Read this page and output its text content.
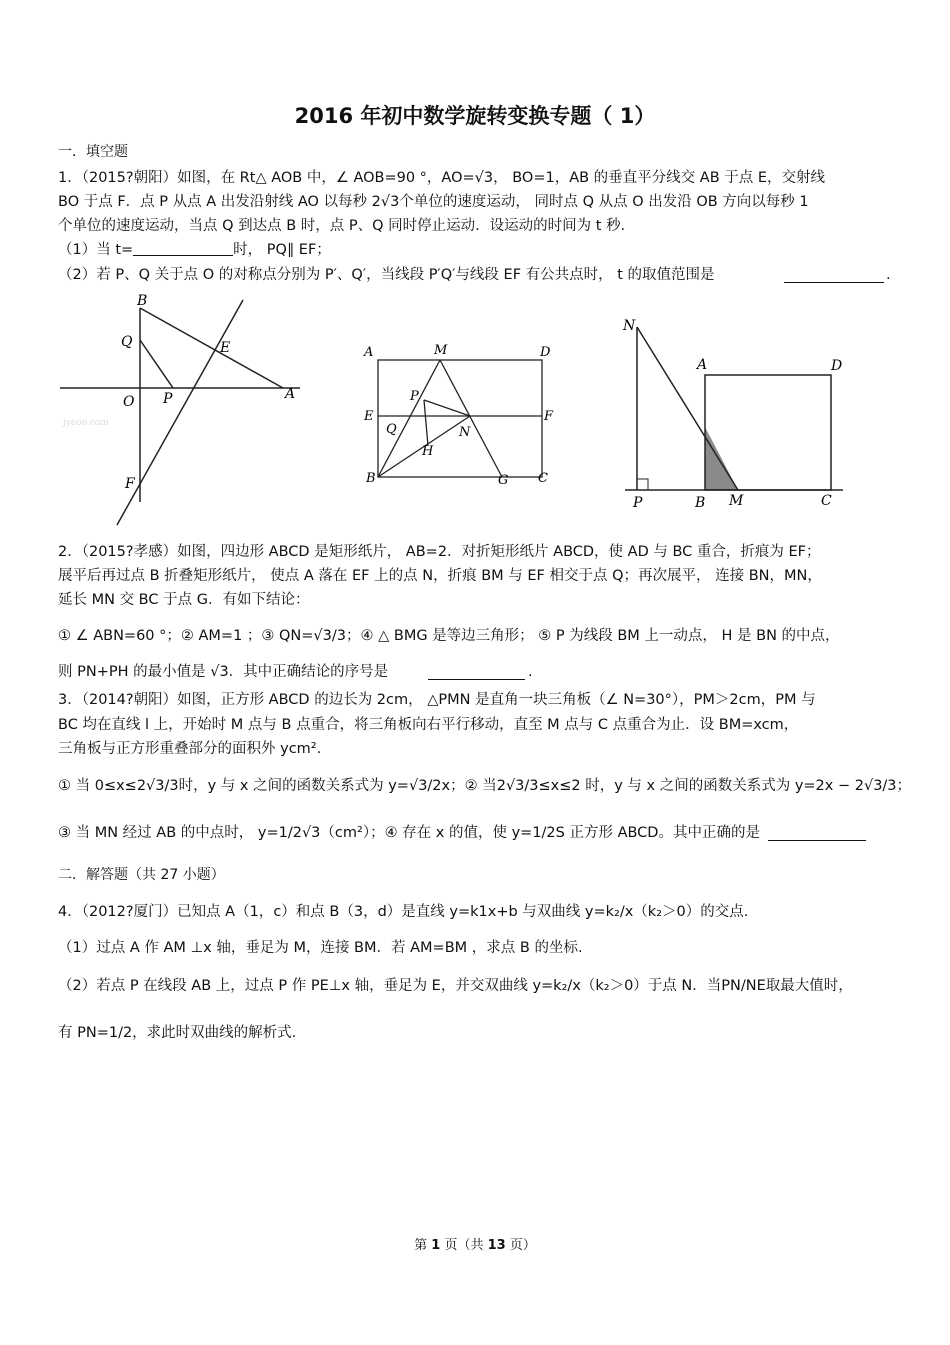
2016 年初中数学旋转变换专题（ 1）
一．填空题
1．（2015?朝阳）如图，在 Rt△ AOB 中，∠ AOB=90 °，AO=√3， BO=1，AB 的垂直平分线交 AB 于点 E，交射线
BO 于点 F．点 P 从点 A 出发沿射线 AO 以每秒 2√3个单位的速度运动， 同时点 Q 从点 O 出发沿 OB 方向以每秒 1
个单位的速度运动，当点 Q 到达点 B 时，点 P、Q 同时停止运动．设运动的时间为 t 秒．
（1）当 t=	时， PQ∥ EF；
（2）若 P、Q 关于点 O 的对称点分别为 P′、Q′，当线段 P′Q′与线段 EF 有公共点时， t 的取值范围是	.
B
Q	E
O P	A
F
jyeoo.com
A	M	D
E
P
F
Q	N
H
B	G C
N
A	D
P	B M	C
2．（2015?孝感）如图，四边形 ABCD 是矩形纸片， AB=2．对折矩形纸片 ABCD，使 AD 与 BC 重合，折痕为 EF；
展平后再过点 B 折叠矩形纸片， 使点 A 落在 EF 上的点 N，折痕 BM 与 EF 相交于点 Q；再次展平， 连接 BN，MN，
延长 MN 交 BC 于点 G．有如下结论：
① ∠ ABN=60 °；② AM=1 ；③ QN=√3/3；④ △ BMG 是等边三角形； ⑤ P 为线段 BM 上一动点， H 是 BN 的中点，
则 PN+PH 的最小值是 √3．其中正确结论的序号是	.
3．（2014?朝阳）如图，正方形 ABCD 的边长为 2cm， △PMN 是直角一块三角板（∠ N=30°），PM＞2cm，PM 与
BC 均在直线 l 上，开始时 M 点与 B 点重合，将三角板向右平行移动，直至 M 点与 C 点重合为止．设 BM=xcm，
三角板与正方形重叠部分的面积外 ycm².
① 当 0≤x≤2√3/3时，y 与 x 之间的函数关系式为 y=√3/2x；② 当2√3/3≤x≤2 时，y 与 x 之间的函数关系式为 y=2x − 2√3/3；
③ 当 MN 经过 AB 的中点时， y=1/2√3（cm²）；④ 存在 x 的值，使 y=1/2S 正方形 ABCD。其中正确的是
二．解答题（共 27 小题）
4．（2012?厦门）已知点 A（1，c）和点 B（3，d）是直线 y=k1x+b 与双曲线 y=k₂/x（k₂＞0）的交点.
（1）过点 A 作 AM ⊥x 轴，垂足为 M，连接 BM．若 AM=BM ，求点 B 的坐标.
（2）若点 P 在线段 AB 上，过点 P 作 PE⊥x 轴，垂足为 E，并交双曲线 y=k₂/x（k₂＞0）于点 N．当PN/NE取最大值时，
有 PN=1/2，求此时双曲线的解析式.
第 1 页（共 13 页）
